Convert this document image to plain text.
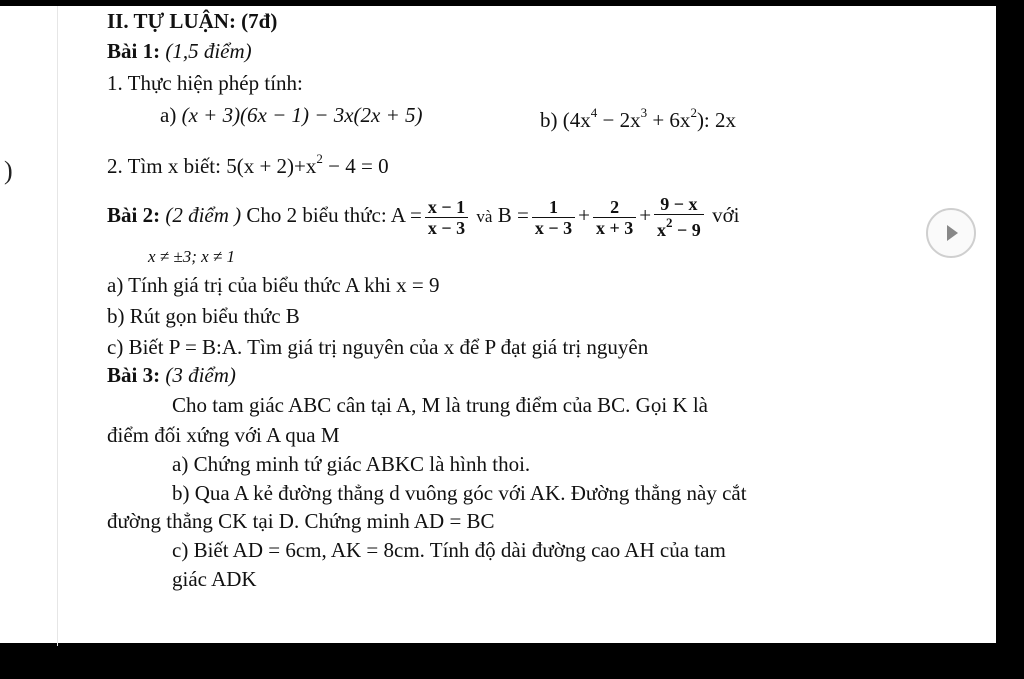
)
II. TỰ LUẬN: (7đ)
Bài 1: (1,5 điểm)
1. Thực hiện phép tính:
a) (x + 3)(6x − 1) − 3x(2x + 5)	b) $(4x^4 - 2x^3 + 6x^2)$: 2x
2. Tìm x biết: $5(x + 2)+x^2 - 4 = 0$
Bài 2: (2 điểm ) Cho 2 biểu thức: $A = \frac{x - 1}{x - 3}$ và $B = \frac{1}{x - 3} + \frac{2}{x + 3} + \frac{9 - x}{x^2 - 9}$ với
x ≠ ±3; x ≠ 1
a) Tính giá trị của biểu thức A khi x = 9
b) Rút gọn biểu thức B
c) Biết P = B:A. Tìm giá trị nguyên của x để P đạt giá trị nguyên
Bài 3: (3 điểm)
Cho tam giác ABC cân tại A, M là trung điểm của BC. Gọi K là
điểm đối xứng với A qua M
a) Chứng minh tứ giác ABKC là hình thoi.
b) Qua A kẻ đường thẳng d vuông góc với AK. Đường thẳng này cắt
đường thẳng CK tại D. Chứng minh AD = BC
c) Biết AD = 6cm, AK = 8cm. Tính độ dài đường cao AH của tam
giác ADK
